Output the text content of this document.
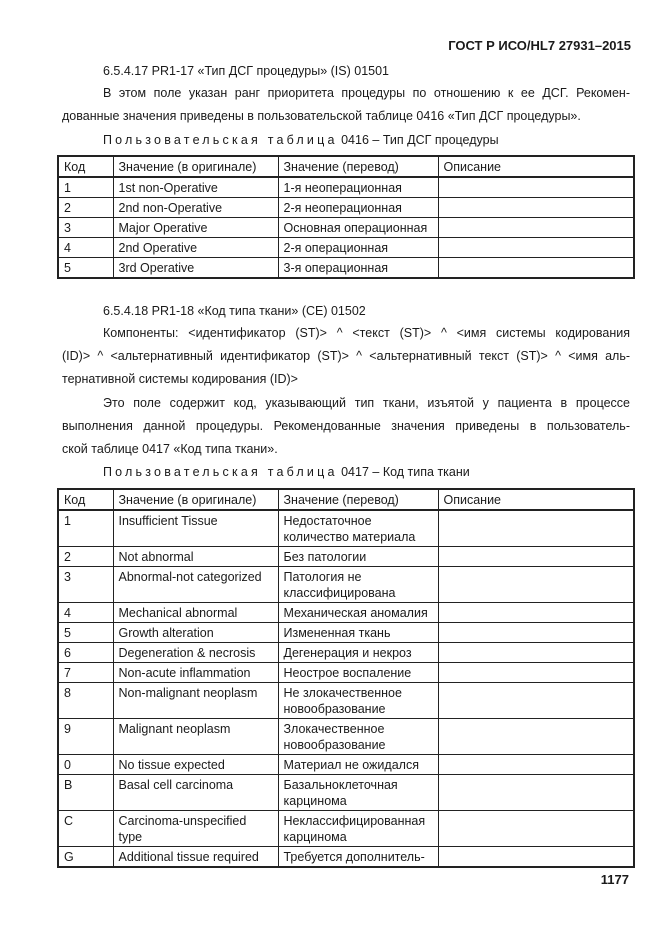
ГОСТ Р ИСО/HL7 27931–2015
6.5.4.17 PR1-17 «Тип ДСГ процедуры» (IS) 01501
В этом поле указан ранг приоритета процедуры по отношению к ее ДСГ. Рекомен-
дованные значения приведены в пользовательской таблице 0416 «Тип ДСГ процедуры».
Пользовательская таблица 0416 – Тип ДСГ процедуры
Код	Значение (в оригинале)	Значение (перевод)	Описание
1	1st non-Operative	1-я неоперационная	
2	2nd non-Operative	2-я неоперационная	
3	Major Operative	Основная операционная	
4	2nd Operative	2-я операционная	
5	3rd Operative	3-я операционная	
6.5.4.18 PR1-18 «Код типа ткани» (CE) 01502
Компоненты: <идентификатор (ST)> ^ <текст (ST)> ^ <имя системы кодирования
(ID)> ^ <альтернативный идентификатор (ST)> ^ <альтернативный текст (ST)> ^ <имя аль-
тернативной системы кодирования (ID)>
Это поле содержит код, указывающий тип ткани, изъятой у пациента в процессе
выполнения данной процедуры. Рекомендованные значения приведены в пользователь-
ской таблице 0417 «Код типа ткани».
Пользовательская таблица 0417 – Код типа ткани
Код	Значение (в оригинале)	Значение (перевод)	Описание
1	Insufficient Tissue	Недостаточное количество материала	
2	Not abnormal	Без патологии	
3	Abnormal-not categorized	Патология не классифицирована	
4	Mechanical abnormal	Механическая аномалия	
5	Growth alteration	Измененная ткань	
6	Degeneration & necrosis	Дегенерация и некроз	
7	Non-acute inflammation	Неострое воспаление	
8	Non-malignant neoplasm	Не злокачественное новообразование	
9	Malignant neoplasm	Злокачественное новообразование	
0	No tissue expected	Материал не ожидался	
B	Basal cell carcinoma	Базальноклеточная карцинома	
C	Carcinoma-unspecified type	Неклассифицированная карцинома	
G	Additional tissue required	Требуется дополнитель-	
1177
